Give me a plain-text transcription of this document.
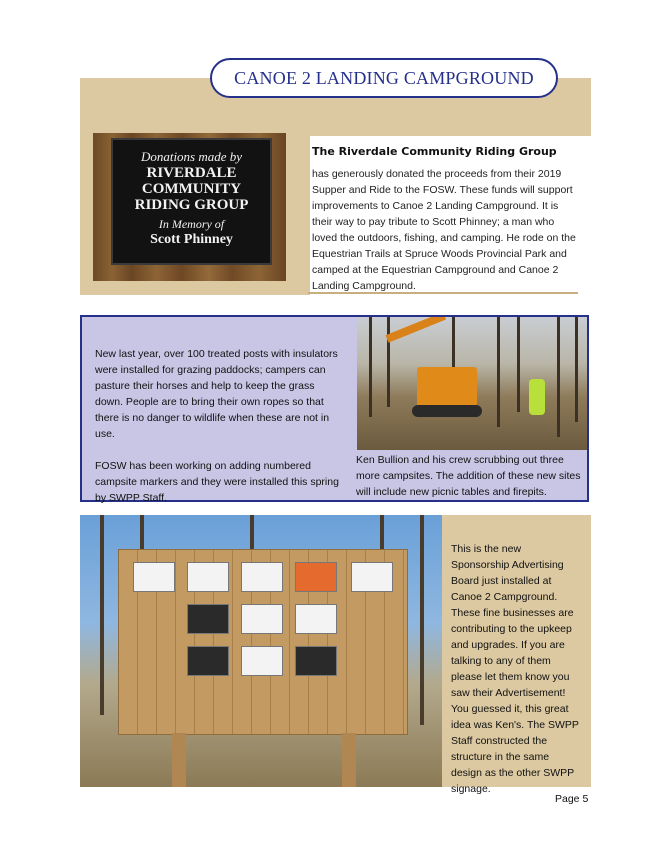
CANOE 2 LANDING CAMPGROUND
Donations made by
RIVERDALE
COMMUNITY
RIDING GROUP
In Memory of
Scott Phinney
The Riverdale Community Riding Group
has generously donated the proceeds from their 2019 Supper and Ride to the FOSW. These funds will support improvements to Canoe 2 Landing Campground. It is their way to pay tribute to Scott Phinney; a man who loved the outdoors, fishing, and camping. He rode on the Equestrian Trails at Spruce Woods Provincial Park and camped at the Equestrian Campground and Canoe 2 Landing Campground.

New last year, over 100 treated posts with insulators were installed for grazing paddocks; campers can pasture their horses and help to keep the grass down. People are to bring their own ropes so that there is no danger to wildlife when these are not in use.

FOSW has been working on adding numbered campsite markers and they were installed this spring by SWPP Staff.

Ken Bullion and his crew scrubbing out three more campsites. The addition of these new sites will include new picnic tables and firepits.
This is the new Sponsorship Advertising Board just installed at Canoe 2 Campground. These fine businesses are contributing to the upkeep and upgrades. If you are talking to any of them please let them know you saw their Advertisement! You guessed it, this great idea was Ken's. The SWPP Staff constructed the structure in the same design as the other SWPP signage.
Page 5
